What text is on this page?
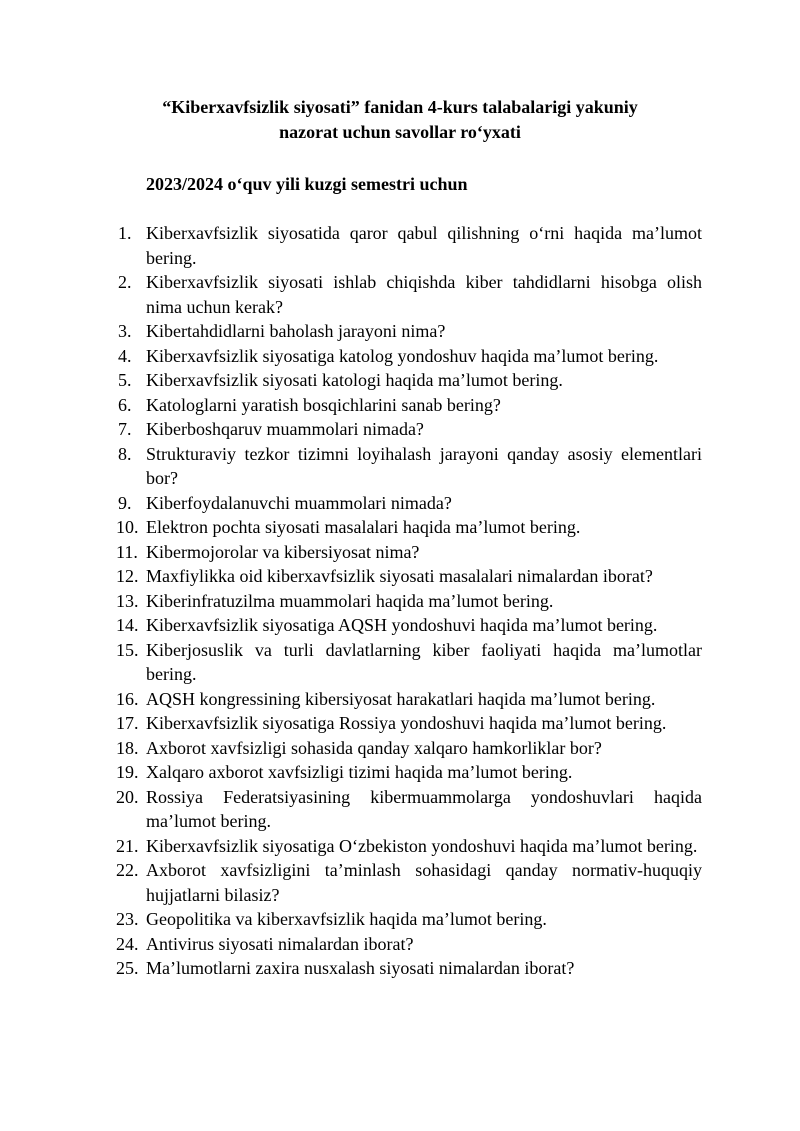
“Kiberxavfsizlik siyosati” fanidan 4-kurs talabalarigi yakuniy
nazorat uchun savollar ro‘yxati
2023/2024 o‘quv yili kuzgi semestri uchun
1. Kiberxavfsizlik siyosatida qaror qabul qilishning o‘rni haqida ma’lumot bering.
2. Kiberxavfsizlik siyosati ishlab chiqishda kiber tahdidlarni hisobga olish nima uchun kerak?
3. Kibertahdidlarni baholash jarayoni nima?
4. Kiberxavfsizlik siyosatiga katolog yondoshuv haqida ma’lumot bering.
5. Kiberxavfsizlik siyosati katologi haqida ma’lumot bering.
6. Katologlarni yaratish bosqichlarini sanab bering?
7. Kiberboshqaruv muammolari nimada?
8. Strukturaviy tezkor tizimni loyihalash jarayoni qanday asosiy elementlari bor?
9. Kiberfoydalanuvchi muammolari nimada?
10. Elektron pochta siyosati masalalari haqida ma’lumot bering.
11. Kibermojorolar va kibersiyosat nima?
12. Maxfiylikka oid kiberxavfsizlik siyosati masalalari nimalardan iborat?
13. Kiberinfratuzilma muammolari haqida ma’lumot bering.
14. Kiberxavfsizlik siyosatiga AQSH yondoshuvi haqida ma’lumot bering.
15. Kiberjosuslik va turli davlatlarning kiber faoliyati haqida ma’lumotlar bering.
16. AQSH kongressining kibersiyosat harakatlari haqida ma’lumot bering.
17. Kiberxavfsizlik siyosatiga Rossiya yondoshuvi haqida ma’lumot bering.
18. Axborot xavfsizligi sohasida qanday xalqaro hamkorliklar bor?
19. Xalqaro axborot xavfsizligi tizimi haqida ma’lumot bering.
20. Rossiya Federatsiyasining kibermuammolarga yondoshuvlari haqida ma’lumot bering.
21. Kiberxavfsizlik siyosatiga O‘zbekiston yondoshuvi haqida ma’lumot bering.
22. Axborot xavfsizligini ta’minlash sohasidagi qanday normativ-huquqiy hujjatlarni bilasiz?
23. Geopolitika va kiberxavfsizlik haqida ma’lumot bering.
24. Antivirus siyosati nimalardan iborat?
25. Ma’lumotlarni zaxira nusxalash siyosati nimalardan iborat?
